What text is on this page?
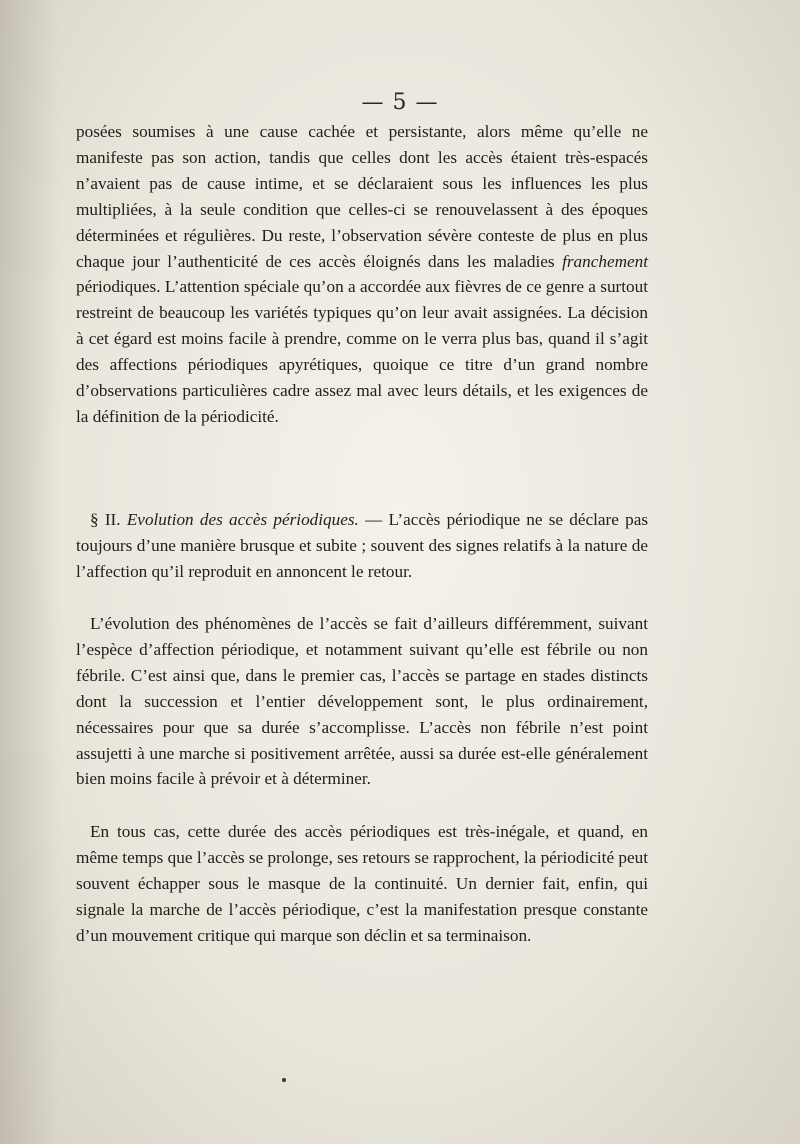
— 5 —

posées soumises à une cause cachée et persistante, alors même qu’elle ne manifeste pas son action, tandis que celles dont les accès étaient très-espacés n’avaient pas de cause intime, et se déclaraient sous les influences les plus multipliées, à la seule condition que celles-ci se renouvelassent à des époques déterminées et régulières. Du reste, l’observation sévère conteste de plus en plus chaque jour l’authenticité de ces accès éloignés dans les maladies franchement périodiques. L’attention spéciale qu’on a accordée aux fièvres de ce genre a surtout restreint de beaucoup les variétés typiques qu’on leur avait assignées. La décision à cet égard est moins facile à prendre, comme on le verra plus bas, quand il s’agit des affections périodiques apyrétiques, quoique ce titre d’un grand nombre d’observations particulières cadre assez mal avec leurs détails, et les exigences de la définition de la périodicité.

§ II. Evolution des accès périodiques. — L’accès périodique ne se déclare pas toujours d’une manière brusque et subite ; souvent des signes relatifs à la nature de l’affection qu’il reproduit en annoncent le retour.

L’évolution des phénomènes de l’accès se fait d’ailleurs différemment, suivant l’espèce d’affection périodique, et notamment suivant qu’elle est fébrile ou non fébrile. C’est ainsi que, dans le premier cas, l’accès se partage en stades distincts dont la succession et l’entier développement sont, le plus ordinairement, nécessaires pour que sa durée s’accomplisse. L’accès non fébrile n’est point assujetti à une marche si positivement arrêtée, aussi sa durée est-elle généralement bien moins facile à prévoir et à déterminer.

En tous cas, cette durée des accès périodiques est très-inégale, et quand, en même temps que l’accès se prolonge, ses retours se rapprochent, la périodicité peut souvent échapper sous le masque de la continuité. Un dernier fait, enfin, qui signale la marche de l’accès périodique, c’est la manifestation presque constante d’un mouvement critique qui marque son déclin et sa terminaison.
